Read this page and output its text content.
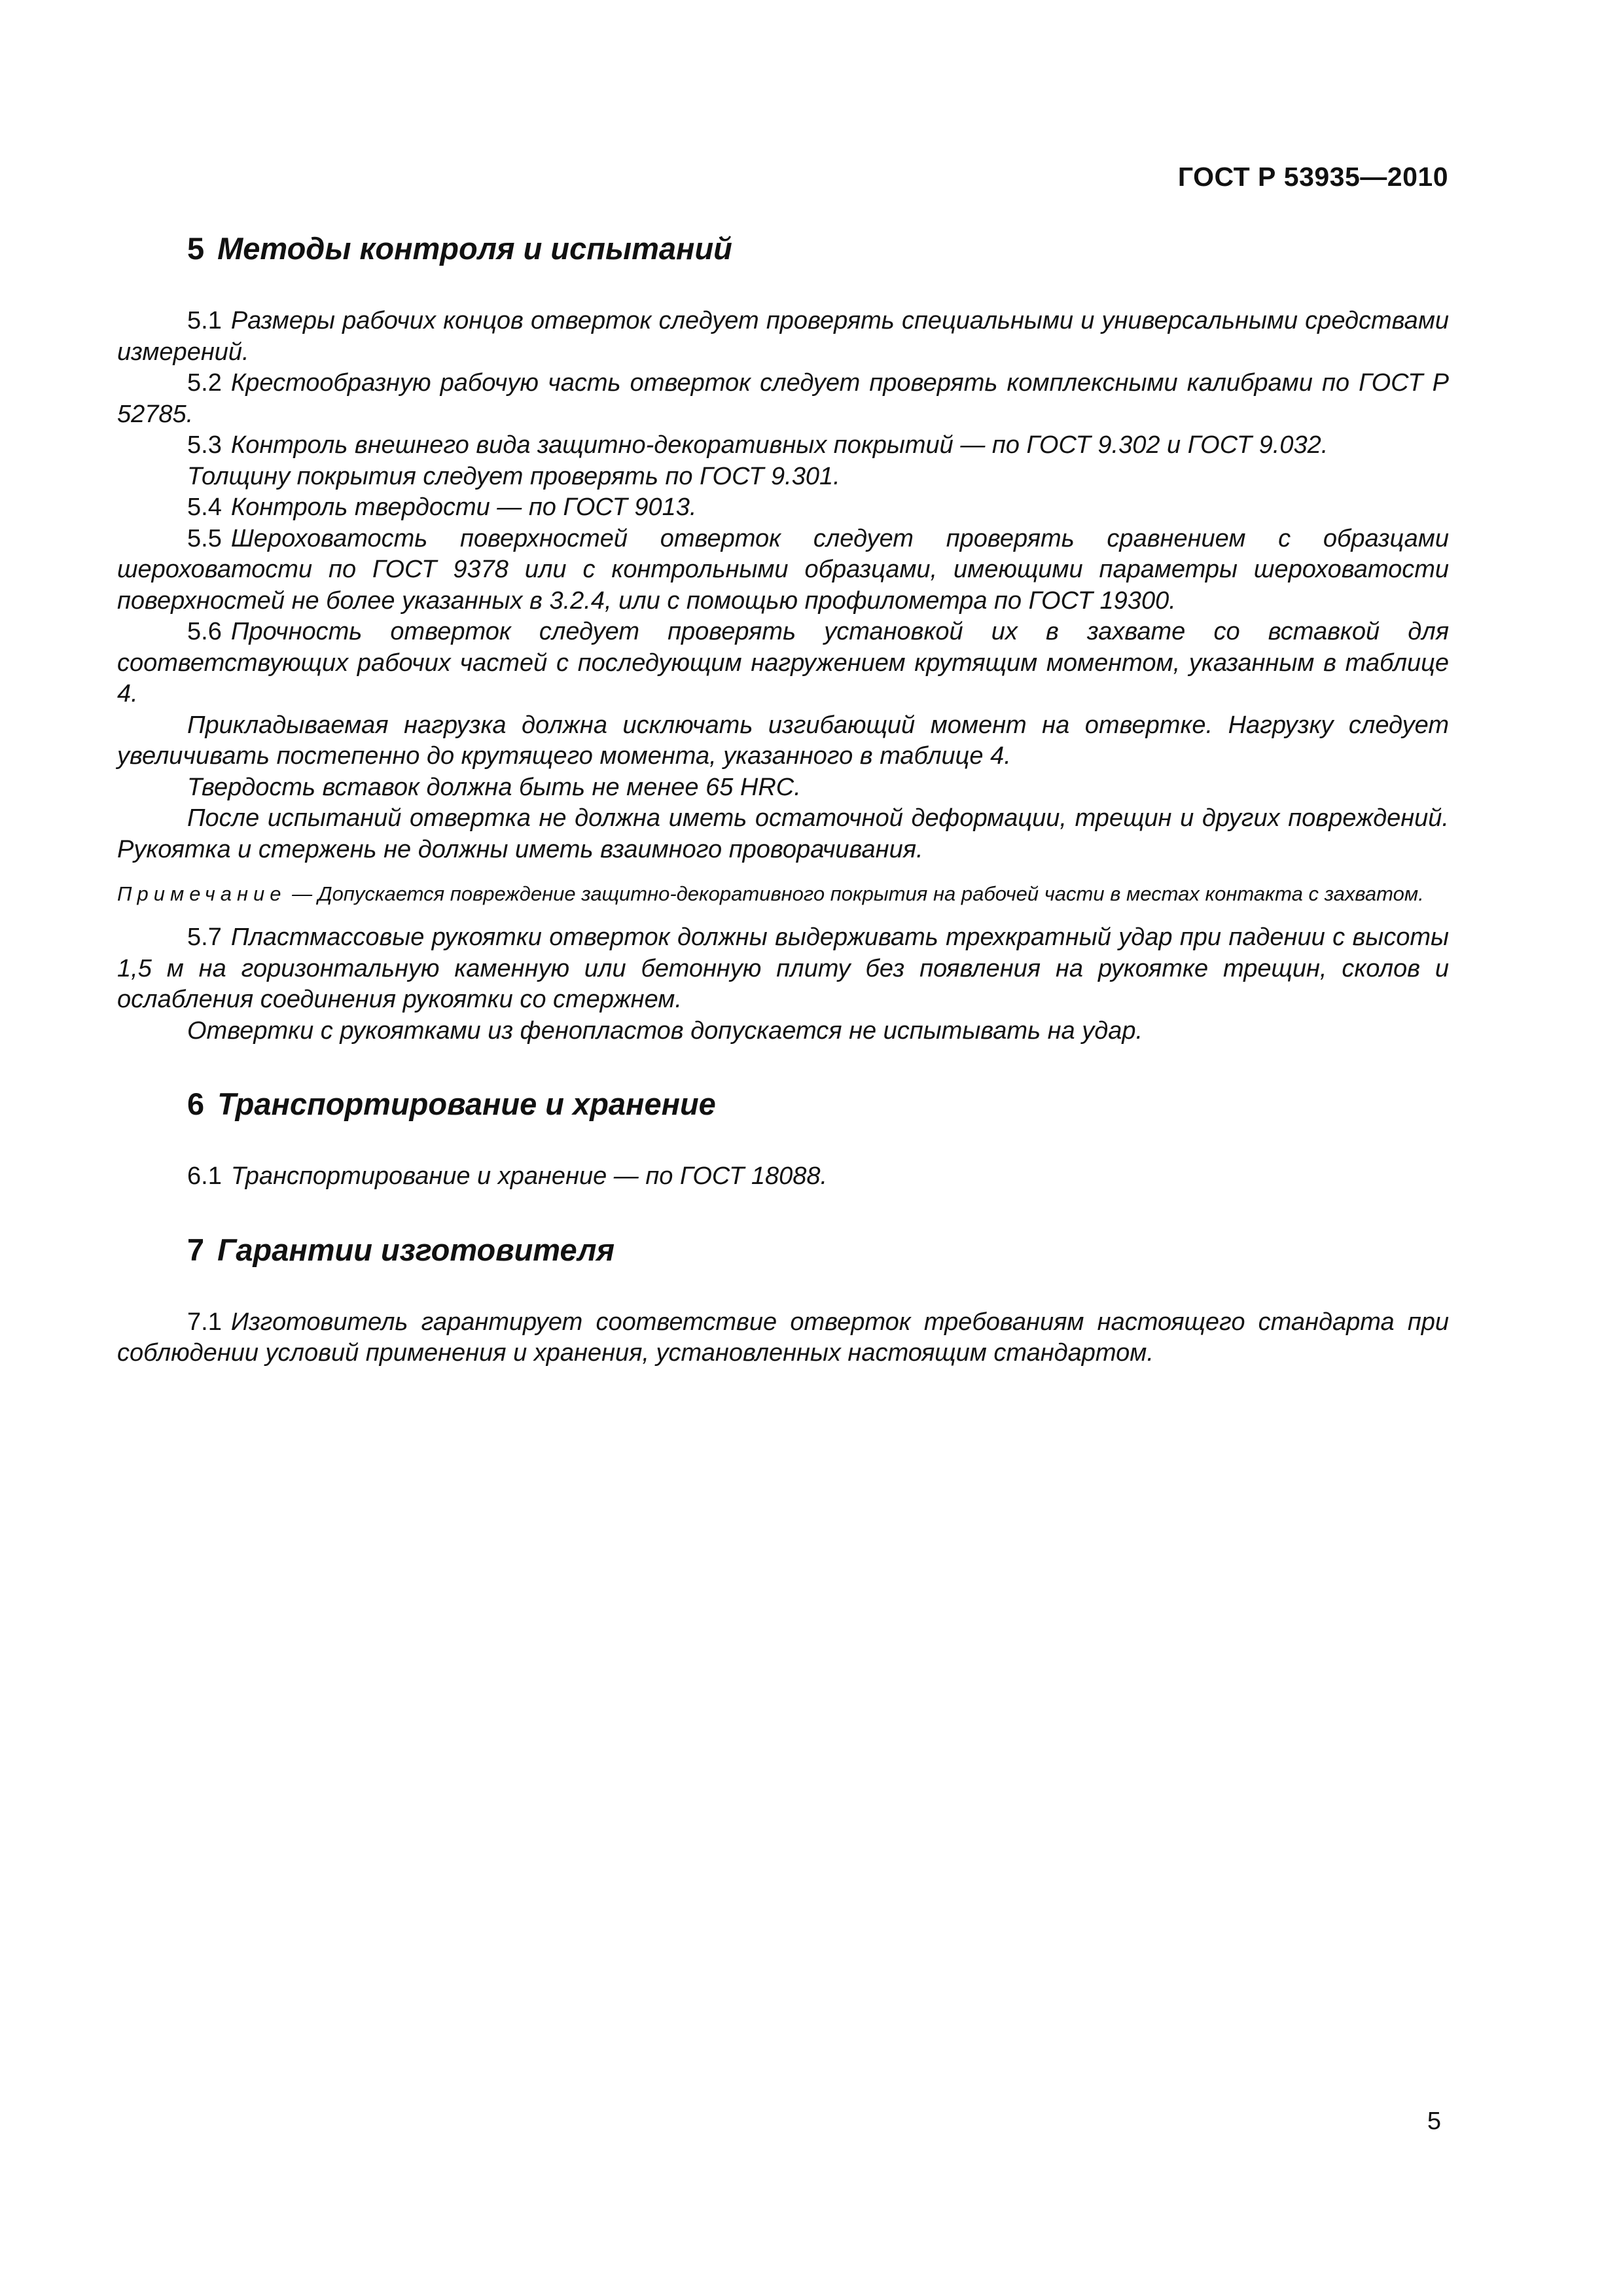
ГОСТ Р 53935—2010
5 Методы контроля и испытаний

5.1 Размеры рабочих концов отверток следует проверять специальными и универсальными средствами измерений.

5.2 Крестообразную рабочую часть отверток следует проверять комплексными калибрами по ГОСТ Р 52785.

5.3 Контроль внешнего вида защитно-декоративных покрытий — по ГОСТ 9.302 и ГОСТ 9.032.

Толщину покрытия следует проверять по ГОСТ 9.301.

5.4 Контроль твердости — по ГОСТ 9013.

5.5 Шероховатость поверхностей отверток следует проверять сравнением с образцами шероховатости по ГОСТ 9378 или с контрольными образцами, имеющими параметры шероховатости поверхностей не более указанных в 3.2.4, или с помощью профилометра по ГОСТ 19300.

5.6 Прочность отверток следует проверять установкой их в захвате со вставкой для соответствующих рабочих частей с последующим нагружением крутящим моментом, указанным в таблице 4.

Прикладываемая нагрузка должна исключать изгибающий момент на отвертке. Нагрузку следует увеличивать постепенно до крутящего момента, указанного в таблице 4.

Твердость вставок должна быть не менее 65 HRC.

После испытаний отвертка не должна иметь остаточной деформации, трещин и других повреждений. Рукоятка и стержень не должны иметь взаимного проворачивания.

Примечание — Допускается повреждение защитно-декоративного покрытия на рабочей части в местах контакта с захватом.

5.7 Пластмассовые рукоятки отверток должны выдерживать трехкратный удар при падении с высоты 1,5 м на горизонтальную каменную или бетонную плиту без появления на рукоятке трещин, сколов и ослабления соединения рукоятки со стержнем.

Отвертки с рукоятками из фенопластов допускается не испытывать на удар.

6 Транспортирование и хранение

6.1 Транспортирование и хранение — по ГОСТ 18088.

7 Гарантии изготовителя

7.1 Изготовитель гарантирует соответствие отверток требованиям настоящего стандарта при соблюдении условий применения и хранения, установленных настоящим стандартом.

5
